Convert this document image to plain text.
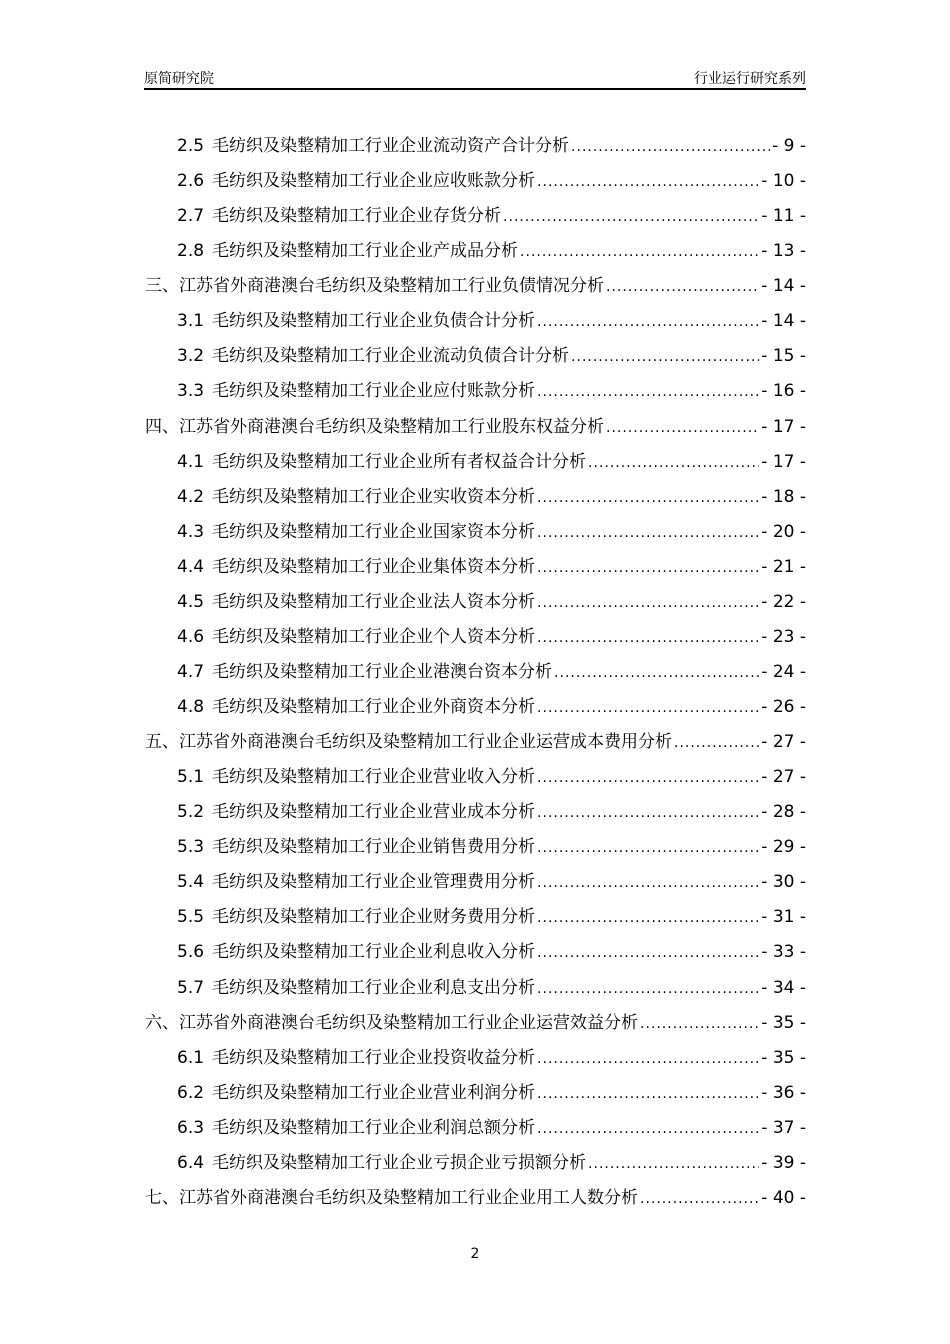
原简研究院	行业运行研究系列
2.5 毛纺织及染整精加工行业企业流动资产合计分析 .....	- 9 -
2.6 毛纺织及染整精加工行业企业应收账款分析 .....	- 10 -
2.7 毛纺织及染整精加工行业企业存货分析 .....	- 11 -
2.8 毛纺织及染整精加工行业企业产成品分析 .....	- 13 -
三、江苏省外商港澳台毛纺织及染整精加工行业负债情况分析 .....	- 14 -
3.1 毛纺织及染整精加工行业企业负债合计分析 .....	- 14 -
3.2 毛纺织及染整精加工行业企业流动负债合计分析 .....	- 15 -
3.3 毛纺织及染整精加工行业企业应付账款分析 .....	- 16 -
四、江苏省外商港澳台毛纺织及染整精加工行业股东权益分析 .....	- 17 -
4.1 毛纺织及染整精加工行业企业所有者权益合计分析 .....	- 17 -
4.2 毛纺织及染整精加工行业企业实收资本分析 .....	- 18 -
4.3 毛纺织及染整精加工行业企业国家资本分析 .....	- 20 -
4.4 毛纺织及染整精加工行业企业集体资本分析 .....	- 21 -
4.5 毛纺织及染整精加工行业企业法人资本分析 .....	- 22 -
4.6 毛纺织及染整精加工行业企业个人资本分析 .....	- 23 -
4.7 毛纺织及染整精加工行业企业港澳台资本分析 .....	- 24 -
4.8 毛纺织及染整精加工行业企业外商资本分析 .....	- 26 -
五、江苏省外商港澳台毛纺织及染整精加工行业企业运营成本费用分析 .....	- 27 -
5.1 毛纺织及染整精加工行业企业营业收入分析 .....	- 27 -
5.2 毛纺织及染整精加工行业企业营业成本分析 .....	- 28 -
5.3 毛纺织及染整精加工行业企业销售费用分析 .....	- 29 -
5.4 毛纺织及染整精加工行业企业管理费用分析 .....	- 30 -
5.5 毛纺织及染整精加工行业企业财务费用分析 .....	- 31 -
5.6 毛纺织及染整精加工行业企业利息收入分析 .....	- 33 -
5.7 毛纺织及染整精加工行业企业利息支出分析 .....	- 34 -
六、江苏省外商港澳台毛纺织及染整精加工行业企业运营效益分析 .....	- 35 -
6.1 毛纺织及染整精加工行业企业投资收益分析 .....	- 35 -
6.2 毛纺织及染整精加工行业企业营业利润分析 .....	- 36 -
6.3 毛纺织及染整精加工行业企业利润总额分析 .....	- 37 -
6.4 毛纺织及染整精加工行业企业亏损企业亏损额分析 .....	- 39 -
七、江苏省外商港澳台毛纺织及染整精加工行业企业用工人数分析 .....	- 40 -
2
